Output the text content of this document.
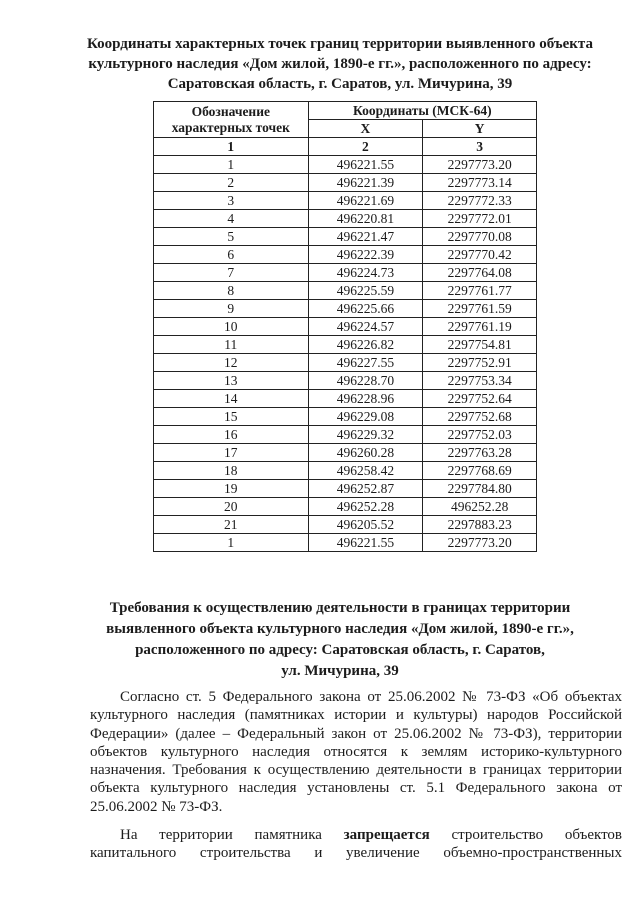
Координаты характерных точек границ территории выявленного объекта
культурного наследия «Дом жилой, 1890-е гг.», расположенного по адресу:
Саратовская область, г. Саратов, ул. Мичурина, 39
Обозначение характерных точек	Координаты (МСК-64)	
	X	Y
1	2	3
1	496221.55	2297773.20
2	496221.39	2297773.14
3	496221.69	2297772.33
4	496220.81	2297772.01
5	496221.47	2297770.08
6	496222.39	2297770.42
7	496224.73	2297764.08
8	496225.59	2297761.77
9	496225.66	2297761.59
10	496224.57	2297761.19
11	496226.82	2297754.81
12	496227.55	2297752.91
13	496228.70	2297753.34
14	496228.96	2297752.64
15	496229.08	2297752.68
16	496229.32	2297752.03
17	496260.28	2297763.28
18	496258.42	2297768.69
19	496252.87	2297784.80
20	496252.28	496252.28
21	496205.52	2297883.23
1	496221.55	2297773.20
Требования к осуществлению деятельности в границах территории
выявленного объекта культурного наследия «Дом жилой, 1890-е гг.»,
расположенного по адресу: Саратовская область, г. Саратов,
ул. Мичурина, 39
Согласно ст. 5 Федерального закона от 25.06.2002 № 73-ФЗ «Об объектах
культурного наследия (памятниках истории и культуры) народов Российской
Федерации» (далее – Федеральный закон от 25.06.2002 № 73-ФЗ), территории
объектов культурного наследия относятся к землям историко-культурного
назначения. Требования к осуществлению деятельности в границах территории
объекта культурного наследия установлены ст. 5.1 Федерального закона от
25.06.2002 № 73-ФЗ.
На территории памятника запрещается строительство объектов
капитального строительства и увеличение объемно-пространственных
